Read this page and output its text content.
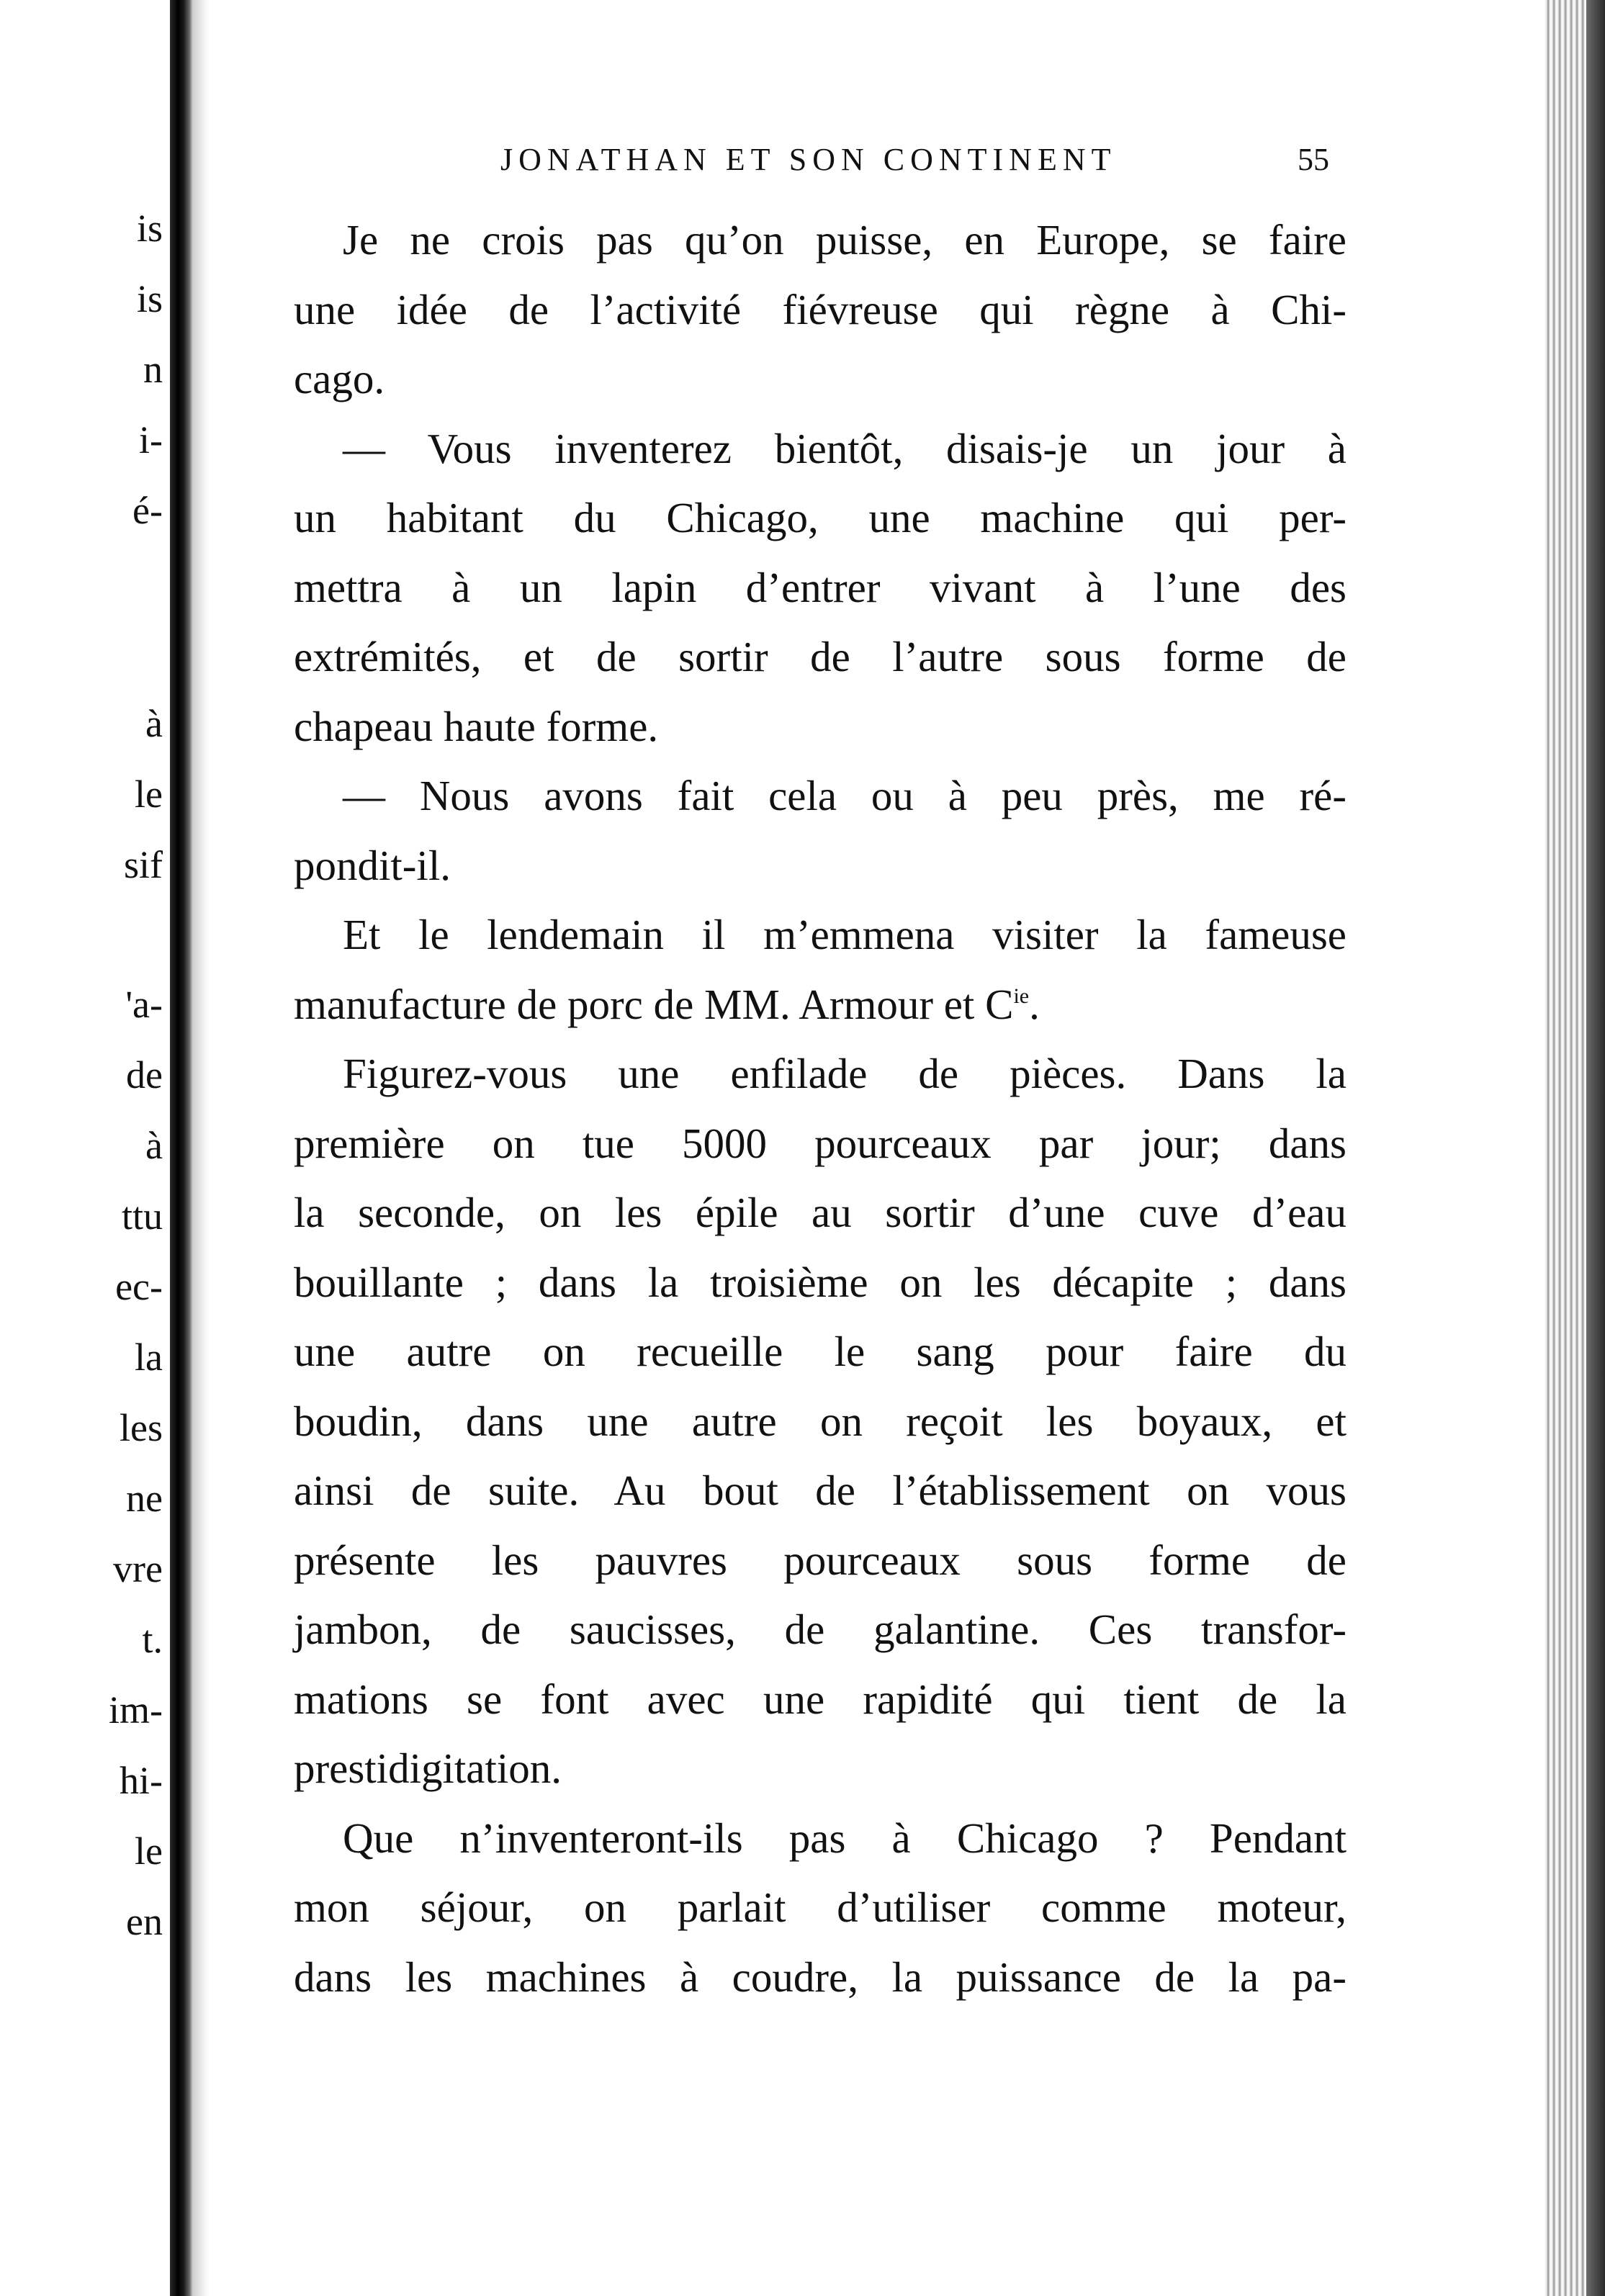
is
is
n
i-
é-
à
le
sif
'a-
de
à
ttu
ec-
la
les
ne
vre
t.
im-
hi-
le
en
JONATHAN ET SON CONTINENT	55
Je ne crois pas qu’on puisse, en Europe, se faire
une idée de l’activité fiévreuse qui règne à Chi-
cago.
— Vous inventerez bientôt, disais-je un jour à
un habitant du Chicago, une machine qui per-
mettra à un lapin d’entrer vivant à l’une des
extrémités, et de sortir de l’autre sous forme de
chapeau haute forme.
— Nous avons fait cela ou à peu près, me ré-
pondit-il.
Et le lendemain il m’emmena visiter la fameuse
manufacture de porc de MM. Armour et $C^{ie}$.
Figurez-vous une enfilade de pièces. Dans la
première on tue 5000 pourceaux par jour; dans
la seconde, on les épile au sortir d’une cuve d’eau
bouillante ; dans la troisième on les décapite ; dans
une autre on recueille le sang pour faire du
boudin, dans une autre on reçoit les boyaux, et
ainsi de suite. Au bout de l’établissement on vous
présente les pauvres pourceaux sous forme de
jambon, de saucisses, de galantine. Ces transfor-
mations se font avec une rapidité qui tient de la
prestidigitation.
Que n’inventeront-ils pas à Chicago ? Pendant
mon séjour, on parlait d’utiliser comme moteur,
dans les machines à coudre, la puissance de la pa-
